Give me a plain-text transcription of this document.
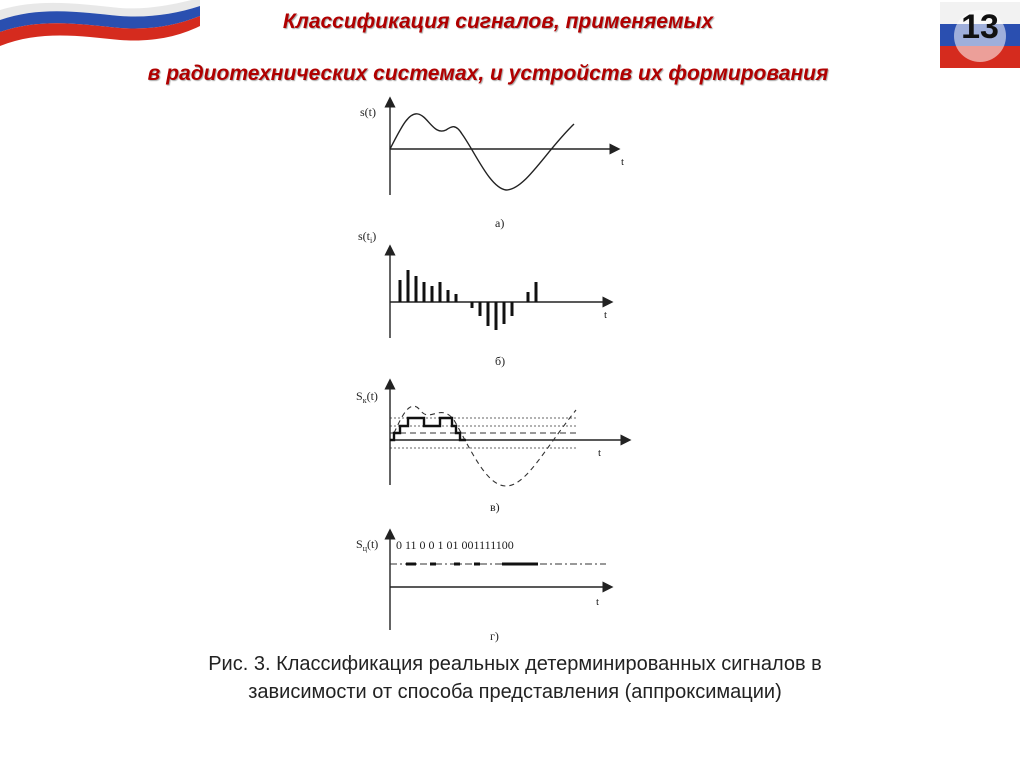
Классификация сигналов, применяемых
в радиотехнических системах, и устройств их формирования
13
s(t)
t
а)
$s(t_i)$
t
б)
$S_к(t)$
t
в)
$S_ц(t)$ 0 11 0 0 1 01 001111100
t
г)
Рис. 3. Классификация реальных детерминированных сигналов в
зависимости от способа представления (аппроксимации)
